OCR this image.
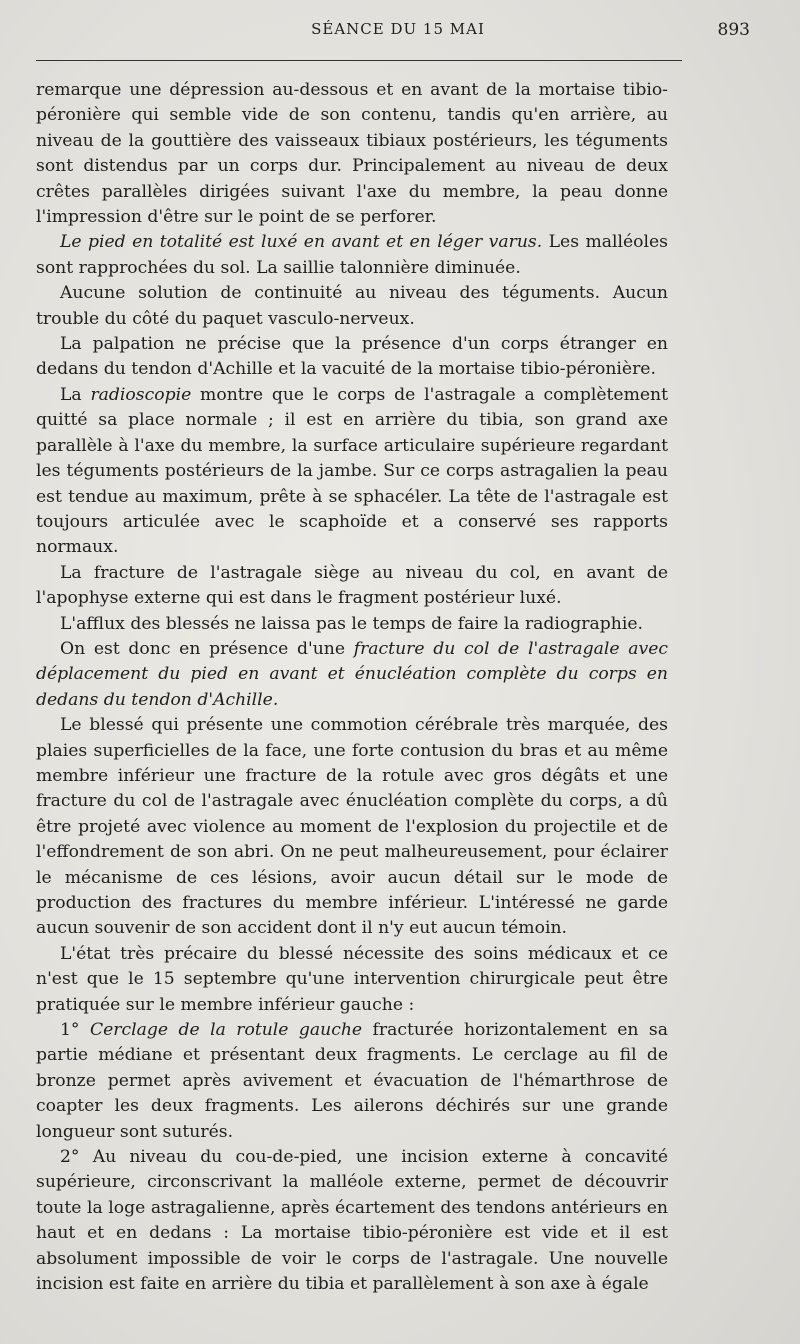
SÉANCE DU 15 MAI	893

remarque une dépression au-dessous et en avant de la mortaise tibio-péronière qui semble vide de son contenu, tandis qu'en arrière, au niveau de la gouttière des vaisseaux tibiaux postérieurs, les téguments sont distendus par un corps dur. Principalement au niveau de deux crêtes parallèles dirigées suivant l'axe du membre, la peau donne l'impression d'être sur le point de se perforer.

Le pied en totalité est luxé en avant et en léger varus. Les malléoles sont rapprochées du sol. La saillie talonnière diminuée.

Aucune solution de continuité au niveau des téguments. Aucun trouble du côté du paquet vasculo-nerveux.

La palpation ne précise que la présence d'un corps étranger en dedans du tendon d'Achille et la vacuité de la mortaise tibio-péronière.

La radioscopie montre que le corps de l'astragale a complètement quitté sa place normale ; il est en arrière du tibia, son grand axe parallèle à l'axe du membre, la surface articulaire supérieure regardant les téguments postérieurs de la jambe. Sur ce corps astragalien la peau est tendue au maximum, prête à se sphacéler. La tête de l'astragale est toujours articulée avec le scaphoïde et a conservé ses rapports normaux.

La fracture de l'astragale siège au niveau du col, en avant de l'apophyse externe qui est dans le fragment postérieur luxé.

L'afflux des blessés ne laissa pas le temps de faire la radiographie.

On est donc en présence d'une fracture du col de l'astragale avec déplacement du pied en avant et énucléation complète du corps en dedans du tendon d'Achille.

Le blessé qui présente une commotion cérébrale très marquée, des plaies superficielles de la face, une forte contusion du bras et au même membre inférieur une fracture de la rotule avec gros dégâts et une fracture du col de l'astragale avec énucléation complète du corps, a dû être projeté avec violence au moment de l'explosion du projectile et de l'effondrement de son abri. On ne peut malheureusement, pour éclairer le mécanisme de ces lésions, avoir aucun détail sur le mode de production des fractures du membre inférieur. L'intéressé ne garde aucun souvenir de son accident dont il n'y eut aucun témoin.

L'état très précaire du blessé nécessite des soins médicaux et ce n'est que le 15 septembre qu'une intervention chirurgicale peut être pratiquée sur le membre inférieur gauche :

1° Cerclage de la rotule gauche fracturée horizontalement en sa partie médiane et présentant deux fragments. Le cerclage au fil de bronze permet après avivement et évacuation de l'hémarthrose de coapter les deux fragments. Les ailerons déchirés sur une grande longueur sont suturés.

2° Au niveau du cou-de-pied, une incision externe à concavité supérieure, circonscrivant la malléole externe, permet de découvrir toute la loge astragalienne, après écartement des tendons antérieurs en haut et en dedans : La mortaise tibio-péronière est vide et il est absolument impossible de voir le corps de l'astragale. Une nouvelle incision est faite en arrière du tibia et parallèlement à son axe à égale
